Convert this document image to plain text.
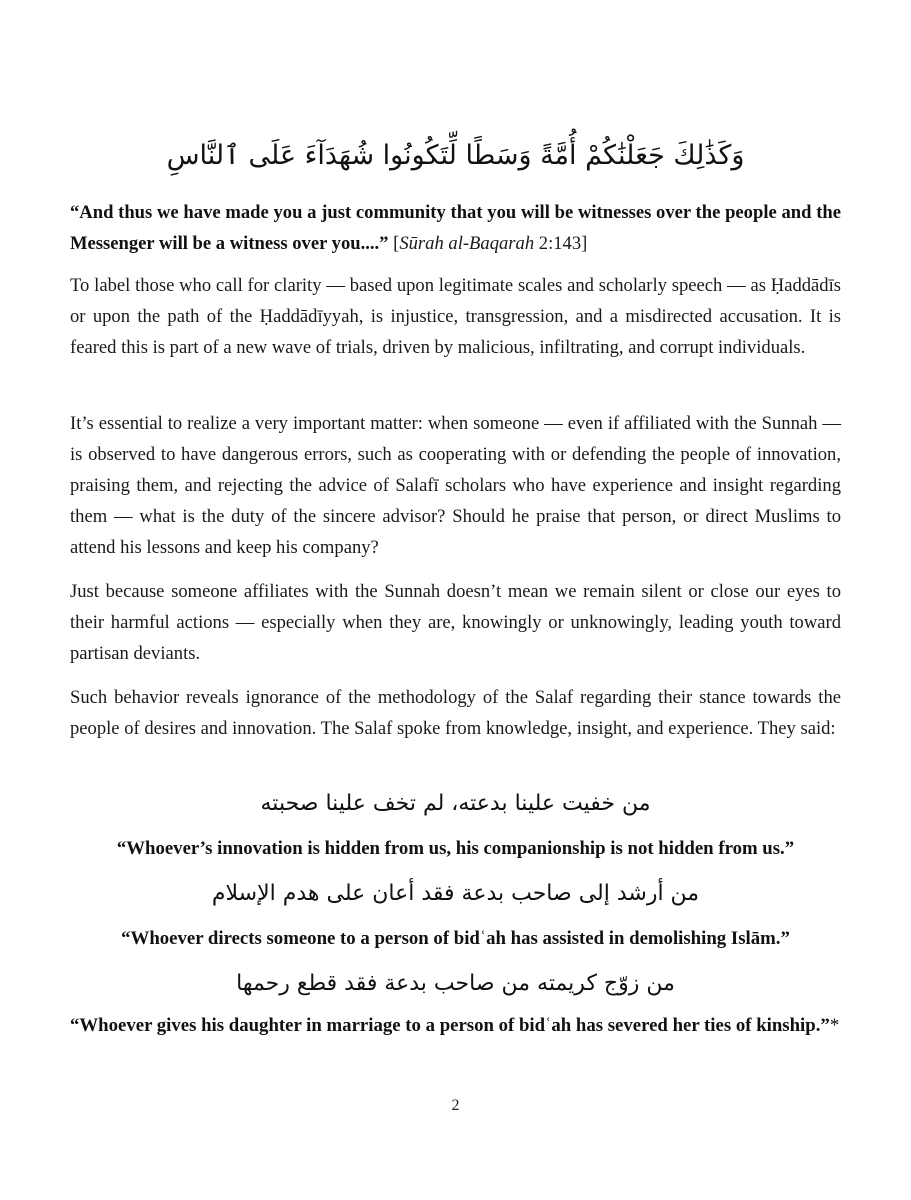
وَكَذَٰلِكَ جَعَلْنَٰكُمْ أُمَّةً وَسَطًا لِّتَكُونُوا شُهَدَآءَ عَلَى ٱلنَّاسِ

“And thus we have made you a just community that you will be witnesses over the people and the Messenger will be a witness over you....” [Sūrah al-Baqarah 2:143]

To label those who call for clarity — based upon legitimate scales and scholarly speech — as Ḥaddādīs or upon the path of the Ḥaddādīyyah, is injustice, transgression, and a misdirected accusation. It is feared this is part of a new wave of trials, driven by malicious, infiltrating, and corrupt individuals.

It’s essential to realize a very important matter: when someone — even if affiliated with the Sunnah — is observed to have dangerous errors, such as cooperating with or defending the people of innovation, praising them, and rejecting the advice of Salafī scholars who have experience and insight regarding them — what is the duty of the sincere advisor? Should he praise that person, or direct Muslims to attend his lessons and keep his company?

Just because someone affiliates with the Sunnah doesn’t mean we remain silent or close our eyes to their harmful actions — especially when they are, knowingly or unknowingly, leading youth toward partisan deviants.

Such behavior reveals ignorance of the methodology of the Salaf regarding their stance towards the people of desires and innovation. The Salaf spoke from knowledge, insight, and experience. They said:

من خفيت علينا بدعته، لم تخف علينا صحبته

“Whoever’s innovation is hidden from us, his companionship is not hidden from us.”

من أرشد إلى صاحب بدعة فقد أعان على هدم الإسلام

“Whoever directs someone to a person of bidʿah has assisted in demolishing Islām.”

من زوّج كريمته من صاحب بدعة فقد قطع رحمها

“Whoever gives his daughter in marriage to a person of bidʿah has severed her ties of kinship.”*

2
